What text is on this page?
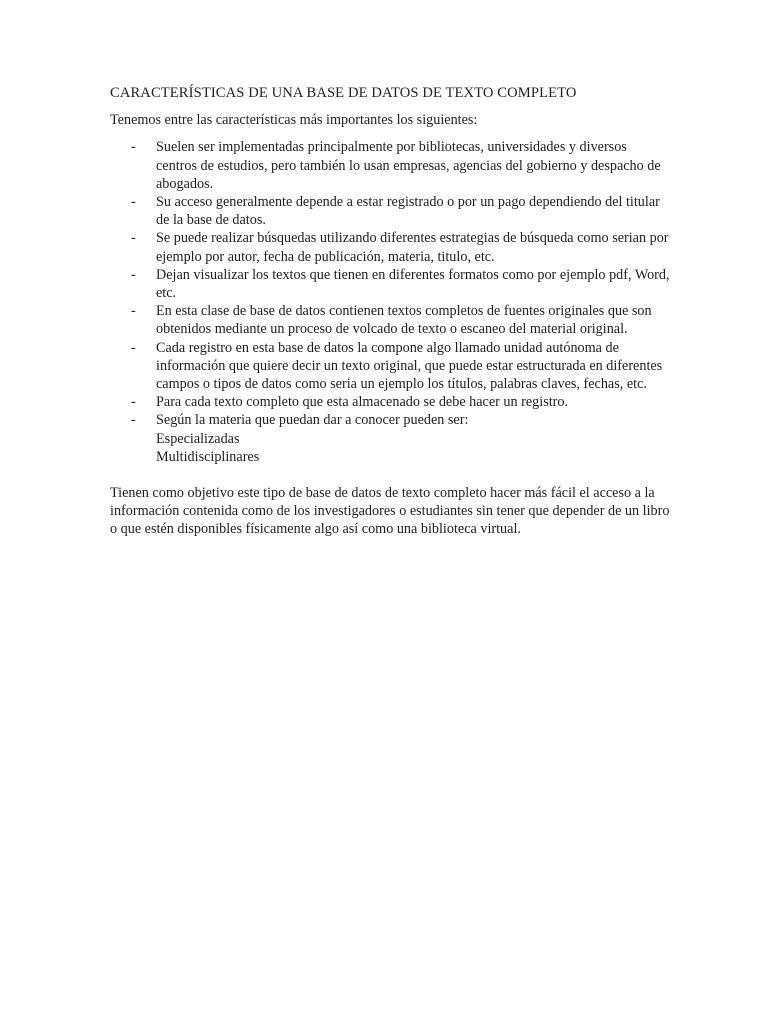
CARACTERÍSTICAS DE UNA BASE DE DATOS DE TEXTO COMPLETO

Tenemos entre las características más importantes los siguientes:

- Suelen ser implementadas principalmente por bibliotecas, universidades y diversos centros de estudios, pero también lo usan empresas, agencias del gobierno y despacho de abogados.
- Su acceso generalmente depende a estar registrado o por un pago dependiendo del titular de la base de datos.
- Se puede realizar búsquedas utilizando diferentes estrategias de búsqueda como serian por ejemplo por autor, fecha de publicación, materia, titulo, etc.
- Dejan visualizar los textos que tienen en diferentes formatos como por ejemplo pdf, Word, etc.
- En esta clase de base de datos contienen textos completos de fuentes originales que son obtenidos mediante un proceso de volcado de texto o escaneo del material original.
- Cada registro en esta base de datos la compone algo llamado unidad autónoma de información que quiere decir un texto original, que puede estar estructurada en diferentes campos o tipos de datos como seria un ejemplo los títulos, palabras claves, fechas, etc.
- Para cada texto completo que esta almacenado se debe hacer un registro.
- Según la materia que puedan dar a conocer pueden ser:
Especializadas
Multidisciplinares

Tienen como objetivo este tipo de base de datos de texto completo hacer más fácil el acceso a la información contenida como de los investigadores o estudiantes sin tener que depender de un libro o que estén disponibles físicamente algo así como una biblioteca virtual.
